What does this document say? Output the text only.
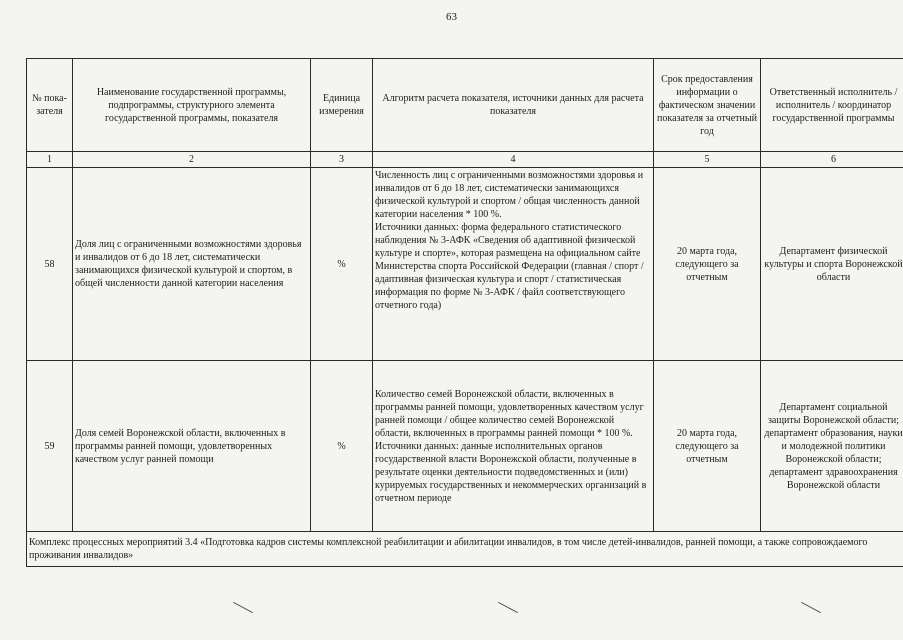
63
№ пока-
зателя	Наименование государственной программы, подпрограммы, структурного элемента государственной программы, показателя	Единица измерения	Алгоритм расчета показателя, источники данных для расчета показателя	Срок предоставления информации о фактическом значении показателя за отчетный год	Ответственный исполнитель / исполнитель / координатор государственной программы
1	2	3	4	5	6
58	Доля лиц с ограниченными возможностями здоровья и инвалидов от 6 до 18 лет, систематически занимающихся физической культурой и спортом, в общей численности данной категории населения	%	Численность лиц с ограниченными возможностями здоровья и инвалидов от 6 до 18 лет, систематически занимающихся физической культурой и спортом / общая численность данной категории населения * 100 %.
Источники данных: форма федерального статистического наблюдения № 3-АФК «Сведения об адаптивной физической культуре и спорте», которая размещена на официальном сайте Министерства спорта Российской Федерации (главная / спорт / адаптивная физическая культура и спорт / статистическая информация по форме № 3-АФК / файл соответствующего отчетного года)	20 марта года, следующего за отчетным	Департамент физической культуры и спорта Воронежской области
59	Доля семей Воронежской области, включенных в программы ранней помощи, удовлетворенных качеством услуг ранней помощи	%	Количество семей Воронежской области, включенных в программы ранней помощи, удовлетворенных качеством услуг ранней помощи / общее количество семей Воронежской области, включенных в программы ранней помощи * 100 %.
Источники данных: данные исполнительных органов государственной власти Воронежской области, полученные в результате оценки деятельности подведомственных и (или) курируемых государственных и некоммерческих организаций в отчетном периоде	20 марта года, следующего за отчетным	Департамент социальной защиты Воронежской области; департамент образования, науки и молодежной политики Воронежской области; департамент здравоохранения Воронежской области
Комплекс процессных мероприятий 3.4 «Подготовка кадров системы комплексной реабилитации и абилитации инвалидов, в том числе детей-инвалидов, ранней помощи, а также сопровождаемого проживания инвалидов»					
